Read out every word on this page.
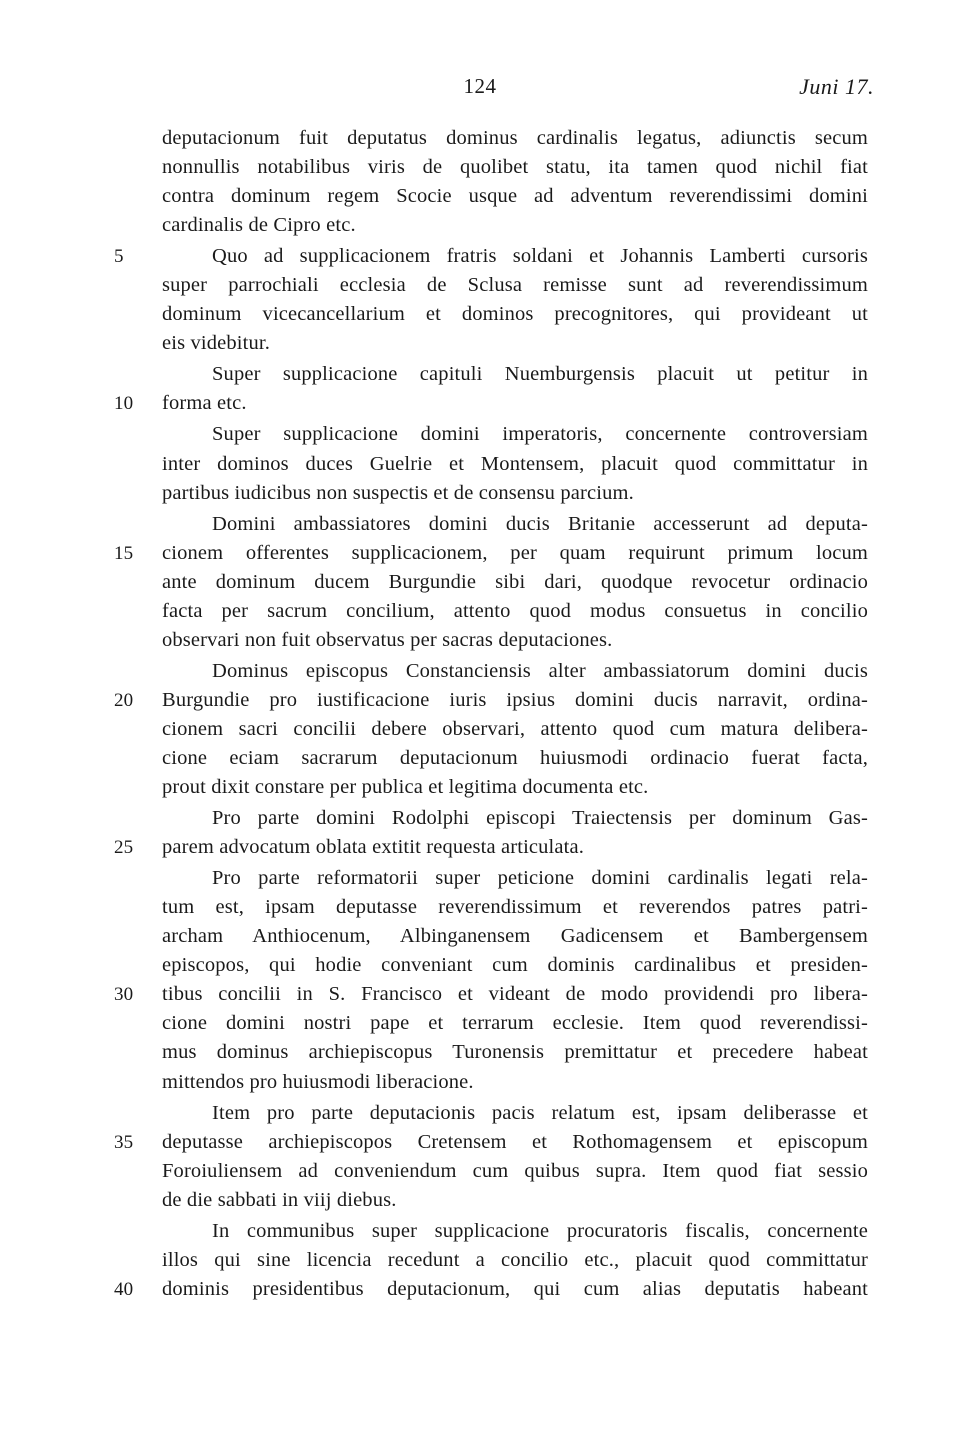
124	Juni 17.
deputacionum fuit deputatus dominus cardinalis legatus, adiunctis secum
nonnullis notabilibus viris de quolibet statu, ita tamen quod nichil fiat
contra dominum regem Scocie usque ad adventum reverendissimi domini
cardinalis de Cipro etc.
5	Quo ad supplicacionem fratris soldani et Johannis Lamberti cursoris
super parrochiali ecclesia de Sclusa remisse sunt ad reverendissimum
dominum vicecancellarium et dominos precognitores, qui provideant ut
eis videbitur.
Super supplicacione capituli Nuemburgensis placuit ut petitur in
10	forma etc.
Super supplicacione domini imperatoris, concernente controversiam
inter dominos duces Guelrie et Montensem, placuit quod committatur in
partibus iudicibus non suspectis et de consensu parcium.
Domini ambassiatores domini ducis Britanie accesserunt ad deputa-
15	cionem offerentes supplicacionem, per quam requirunt primum locum
ante dominum ducem Burgundie sibi dari, quodque revocetur ordinacio
facta per sacrum concilium, attento quod modus consuetus in concilio
observari non fuit observatus per sacras deputaciones.
Dominus episcopus Constanciensis alter ambassiatorum domini ducis
20	Burgundie pro iustificacione iuris ipsius domini ducis narravit, ordina-
cionem sacri concilii debere observari, attento quod cum matura delibera-
cione eciam sacrarum deputacionum huiusmodi ordinacio fuerat facta,
prout dixit constare per publica et legitima documenta etc.
Pro parte domini Rodolphi episcopi Traiectensis per dominum Gas-
25	parem advocatum oblata extitit requesta articulata.
Pro parte reformatorii super peticione domini cardinalis legati rela-
tum est, ipsam deputasse reverendissimum et reverendos patres patri-
archam Anthiocenum, Albinganensem Gadicensem et Bambergensem
episcopos, qui hodie conveniant cum dominis cardinalibus et presiden-
30	tibus concilii in S. Francisco et videant de modo providendi pro libera-
cione domini nostri pape et terrarum ecclesie. Item quod reverendissi-
mus dominus archiepiscopus Turonensis premittatur et precedere habeat
mittendos pro huiusmodi liberacione.
Item pro parte deputacionis pacis relatum est, ipsam deliberasse et
35	deputasse archiepiscopos Cretensem et Rothomagensem et episcopum
Foroiuliensem ad conveniendum cum quibus supra. Item quod fiat sessio
de die sabbati in viij diebus.
In communibus super supplicacione procuratoris fiscalis, concernente
illos qui sine licencia recedunt a concilio etc., placuit quod committatur
40	dominis presidentibus deputacionum, qui cum alias deputatis habeant
